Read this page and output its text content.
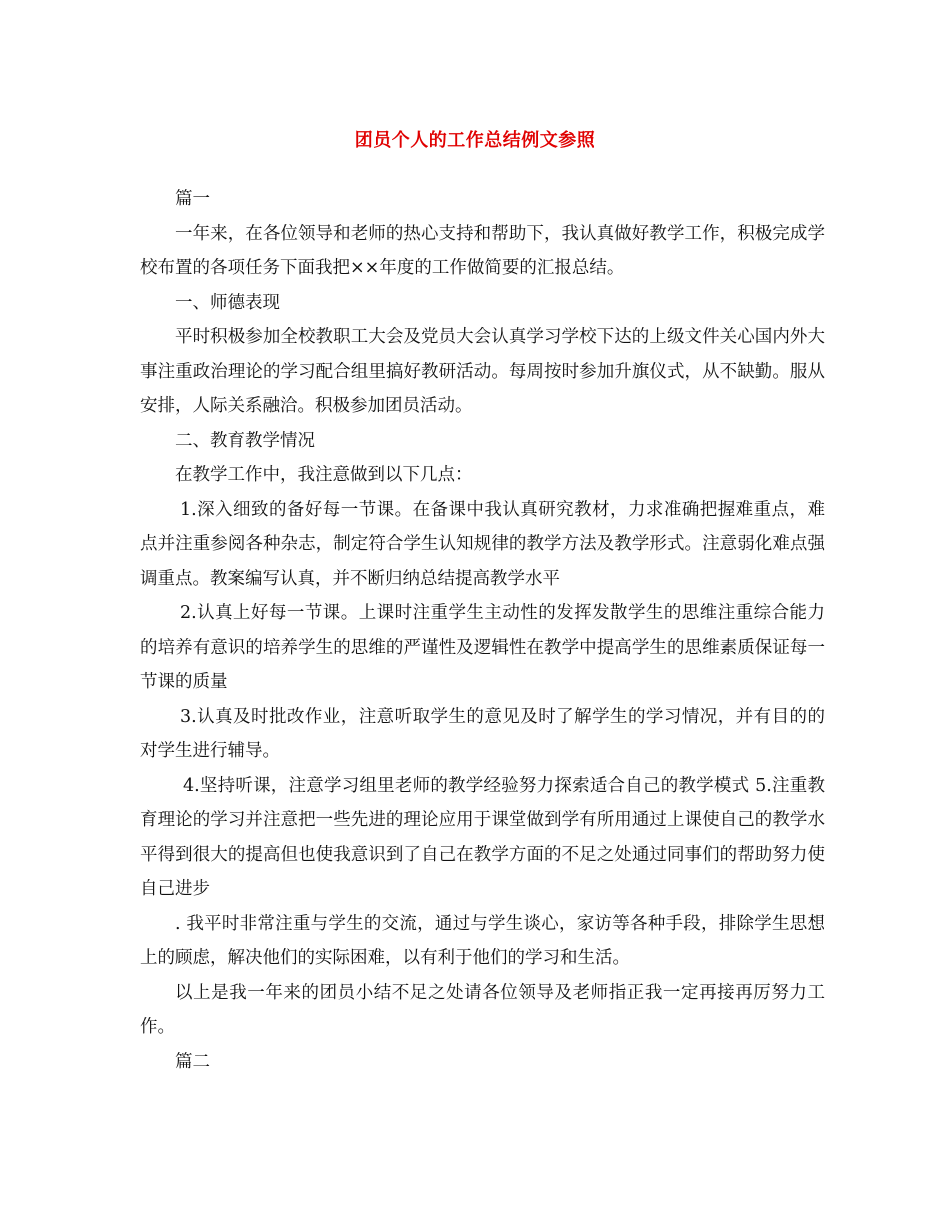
团员个人的工作总结例文参照

篇一

一年来，在各位领导和老师的热心支持和帮助下，我认真做好教学工作，积极完成学校布置的各项任务下面我把××年度的工作做简要的汇报总结。

一、师德表现

平时积极参加全校教职工大会及党员大会认真学习学校下达的上级文件关心国内外大事注重政治理论的学习配合组里搞好教研活动。每周按时参加升旗仪式，从不缺勤。服从安排，人际关系融洽。积极参加团员活动。

二、教育教学情况

在教学工作中，我注意做到以下几点：

1.深入细致的备好每一节课。在备课中我认真研究教材，力求准确把握难重点，难点并注重参阅各种杂志，制定符合学生认知规律的教学方法及教学形式。注意弱化难点强调重点。教案编写认真，并不断归纳总结提高教学水平

2.认真上好每一节课。上课时注重学生主动性的发挥发散学生的思维注重综合能力的培养有意识的培养学生的思维的严谨性及逻辑性在教学中提高学生的思维素质保证每一节课的质量

3.认真及时批改作业，注意听取学生的意见及时了解学生的学习情况，并有目的的对学生进行辅导。

4.坚持听课，注意学习组里老师的教学经验努力探索适合自己的教学模式 5.注重教育理论的学习并注意把一些先进的理论应用于课堂做到学有所用通过上课使自己的教学水平得到很大的提高但也使我意识到了自己在教学方面的不足之处通过同事们的帮助努力使自己进步

. 我平时非常注重与学生的交流，通过与学生谈心，家访等各种手段，排除学生思想上的顾虑，解决他们的实际困难，以有利于他们的学习和生活。

以上是我一年来的团员小结不足之处请各位领导及老师指正我一定再接再厉努力工作。

篇二
